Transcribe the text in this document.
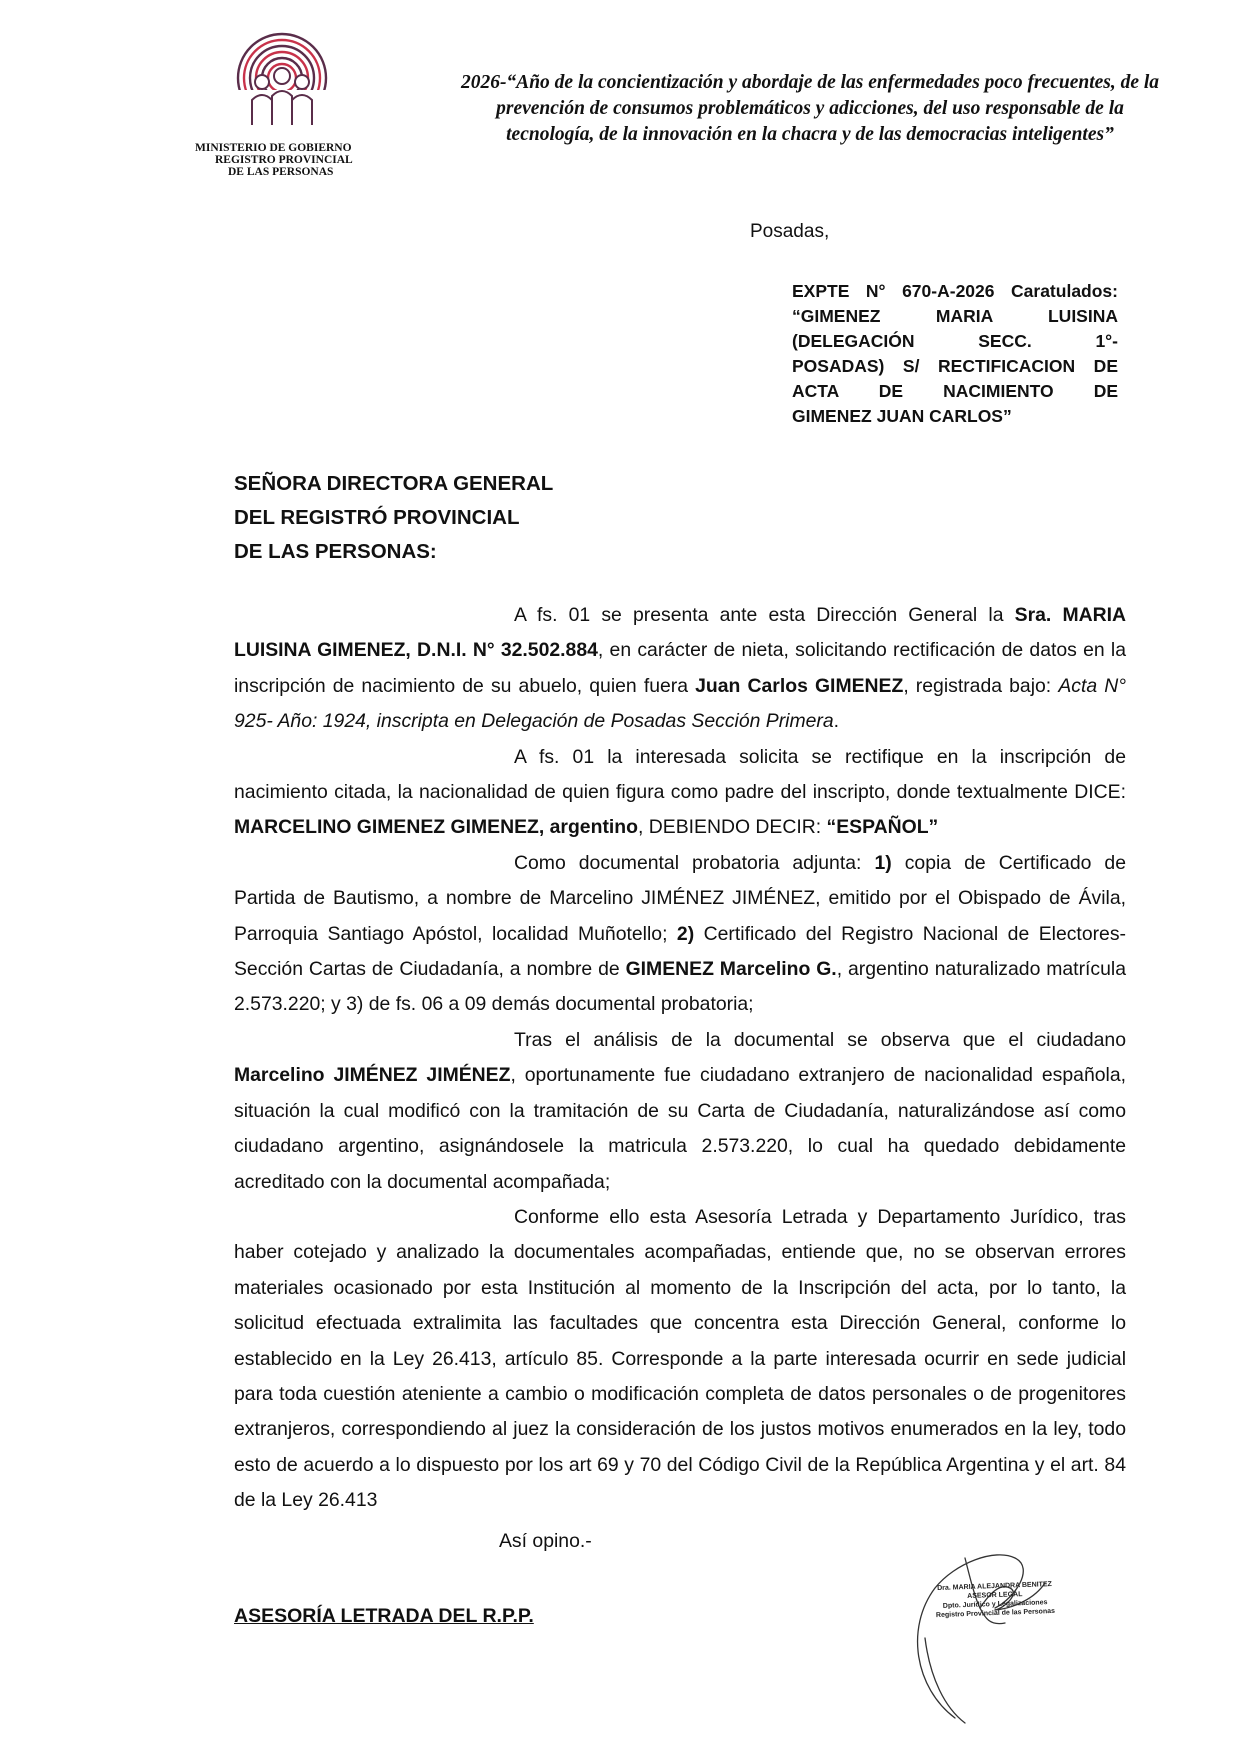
MINISTERIO DE GOBIERNO
REGISTRO PROVINCIAL
DE LAS PERSONAS
2026-“Año de la concientización y abordaje de las enfermedades poco frecuentes, de la
prevención de consumos problemáticos y adicciones, del uso responsable de la
tecnología, de la innovación en la chacra y de las democracias inteligentes”
Posadas,
EXPTE N° 670-A-2026 Caratulados:
“GIMENEZ MARIA LUISINA
(DELEGACIÓN SECC. 1°-
POSADAS) S/ RECTIFICACION DE
ACTA DE NACIMIENTO DE
GIMENEZ JUAN CARLOS”
SEÑORA DIRECTORA GENERAL
DEL REGISTRÓ PROVINCIAL
DE LAS PERSONAS:

A fs. 01 se presenta ante esta Dirección General la Sra. MARIA LUISINA GIMENEZ, D.N.I. N° 32.502.884, en carácter de nieta, solicitando rectificación de datos en la inscripción de nacimiento de su abuelo, quien fuera Juan Carlos GIMENEZ, registrada bajo: Acta N° 925- Año: 1924, inscripta en Delegación de Posadas Sección Primera.

A fs. 01 la interesada solicita se rectifique en la inscripción de nacimiento citada, la nacionalidad de quien figura como padre del inscripto, donde textualmente DICE: MARCELINO GIMENEZ GIMENEZ, argentino, DEBIENDO DECIR: “ESPAÑOL”

Como documental probatoria adjunta: 1) copia de Certificado de Partida de Bautismo, a nombre de Marcelino JIMÉNEZ JIMÉNEZ, emitido por el Obispado de Ávila, Parroquia Santiago Apóstol, localidad Muñotello; 2) Certificado del Registro Nacional de Electores- Sección Cartas de Ciudadanía, a nombre de GIMENEZ Marcelino G., argentino naturalizado matrícula 2.573.220; y 3) de fs. 06 a 09 demás documental probatoria;

Tras el análisis de la documental se observa que el ciudadano Marcelino JIMÉNEZ JIMÉNEZ, oportunamente fue ciudadano extranjero de nacionalidad española, situación la cual modificó con la tramitación de su Carta de Ciudadanía, naturalizándose así como ciudadano argentino, asignándosele la matricula 2.573.220, lo cual ha quedado debidamente acreditado con la documental acompañada;

Conforme ello esta Asesoría Letrada y Departamento Jurídico, tras haber cotejado y analizado la documentales acompañadas, entiende que, no se observan errores materiales ocasionado por esta Institución al momento de la Inscripción del acta, por lo tanto, la solicitud efectuada extralimita las facultades que concentra esta Dirección General, conforme lo establecido en la Ley 26.413, artículo 85. Corresponde a la parte interesada ocurrir en sede judicial para toda cuestión ateniente a cambio o modificación completa de datos personales o de progenitores extranjeros, correspondiendo al juez la consideración de los justos motivos enumerados en la ley, todo esto de acuerdo a lo dispuesto por los art 69 y 70 del Código Civil de la República Argentina y el art. 84 de la Ley 26.413

Así opino.-
ASESORÍA LETRADA DEL R.P.P.
Dra. MARIA ALEJANDRA BENITEZ
ASESOR LEGAL
Dpto. Jurídico y Legalizaciones
Registro Provincial de las Personas
